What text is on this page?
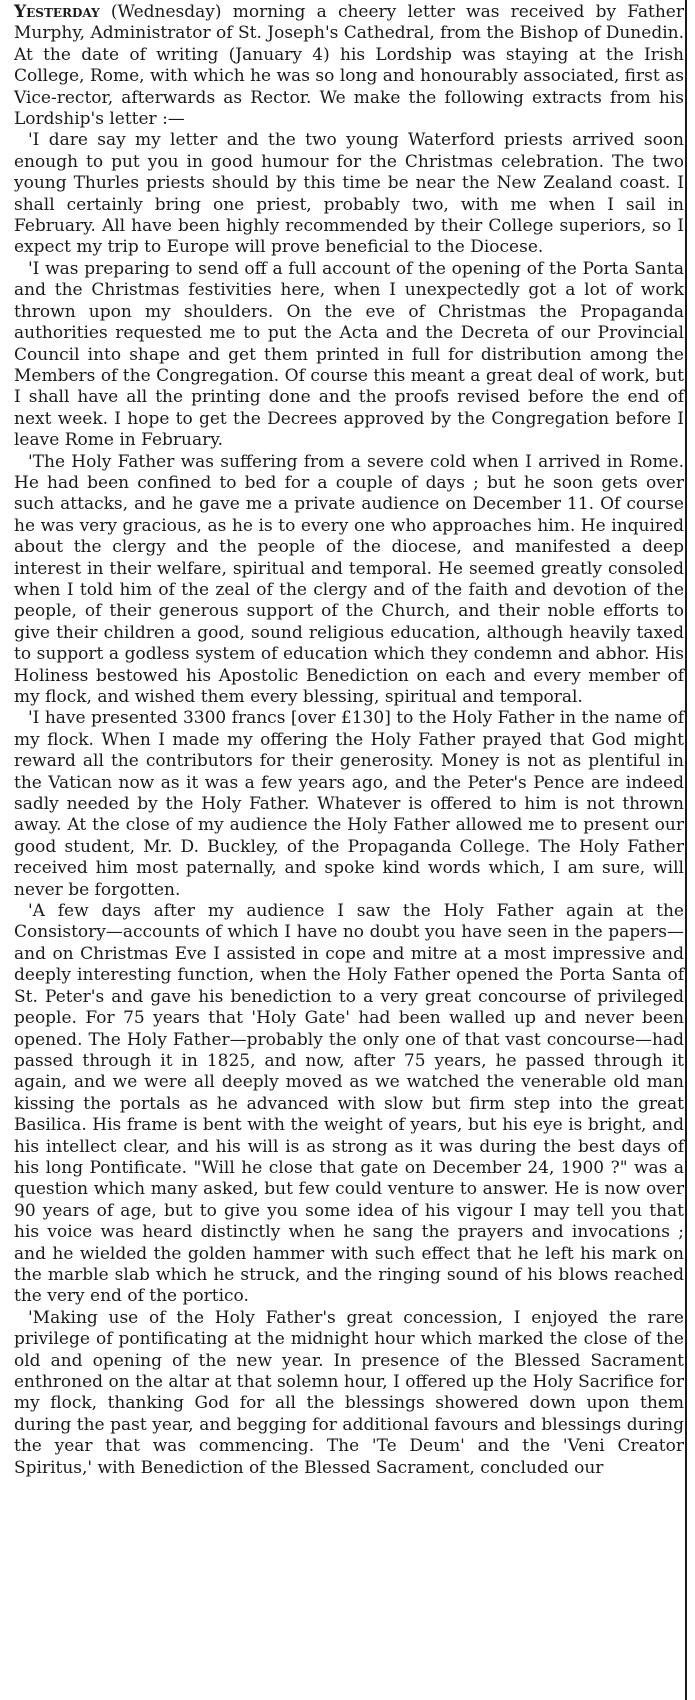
Yesterday (Wednesday) morning a cheery letter was received by Father Murphy, Administrator of St. Joseph's Cathedral, from the Bishop of Dunedin. At the date of writing (January 4) his Lordship was staying at the Irish College, Rome, with which he was so long and honourably associated, first as Vice-rector, afterwards as Rector. We make the following extracts from his Lordship's letter :—

'I dare say my letter and the two young Waterford priests arrived soon enough to put you in good humour for the Christmas celebration. The two young Thurles priests should by this time be near the New Zealand coast. I shall certainly bring one priest, probably two, with me when I sail in February. All have been highly recommended by their College superiors, so I expect my trip to Europe will prove beneficial to the Diocese.

'I was preparing to send off a full account of the opening of the Porta Santa and the Christmas festivities here, when I unexpectedly got a lot of work thrown upon my shoulders. On the eve of Christmas the Propaganda authorities requested me to put the Acta and the Decreta of our Provincial Council into shape and get them printed in full for distribution among the Members of the Congregation. Of course this meant a great deal of work, but I shall have all the printing done and the proofs revised before the end of next week. I hope to get the Decrees approved by the Congregation before I leave Rome in February.

'The Holy Father was suffering from a severe cold when I arrived in Rome. He had been confined to bed for a couple of days ; but he soon gets over such attacks, and he gave me a private audience on December 11. Of course he was very gracious, as he is to every one who approaches him. He inquired about the clergy and the people of the diocese, and manifested a deep interest in their welfare, spiritual and temporal. He seemed greatly consoled when I told him of the zeal of the clergy and of the faith and devotion of the people, of their generous support of the Church, and their noble efforts to give their children a good, sound religious education, although heavily taxed to support a godless system of education which they condemn and abhor. His Holiness bestowed his Apostolic Benediction on each and every member of my flock, and wished them every blessing, spiritual and temporal.

'I have presented 3300 francs [over £130] to the Holy Father in the name of my flock. When I made my offering the Holy Father prayed that God might reward all the contributors for their generosity. Money is not as plentiful in the Vatican now as it was a few years ago, and the Peter's Pence are indeed sadly needed by the Holy Father. Whatever is offered to him is not thrown away. At the close of my audience the Holy Father allowed me to present our good student, Mr. D. Buckley, of the Propaganda College. The Holy Father received him most paternally, and spoke kind words which, I am sure, will never be forgotten.

'A few days after my audience I saw the Holy Father again at the Consistory—accounts of which I have no doubt you have seen in the papers—and on Christmas Eve I assisted in cope and mitre at a most impressive and deeply interesting function, when the Holy Father opened the Porta Santa of St. Peter's and gave his benediction to a very great concourse of privileged people. For 75 years that 'Holy Gate' had been walled up and never been opened. The Holy Father—probably the only one of that vast concourse—had passed through it in 1825, and now, after 75 years, he passed through it again, and we were all deeply moved as we watched the venerable old man kissing the portals as he advanced with slow but firm step into the great Basilica. His frame is bent with the weight of years, but his eye is bright, and his intellect clear, and his will is as strong as it was during the best days of his long Pontificate. "Will he close that gate on December 24, 1900 ?" was a question which many asked, but few could venture to answer. He is now over 90 years of age, but to give you some idea of his vigour I may tell you that his voice was heard distinctly when he sang the prayers and invocations ; and he wielded the golden hammer with such effect that he left his mark on the marble slab which he struck, and the ringing sound of his blows reached the very end of the portico.

'Making use of the Holy Father's great concession, I enjoyed the rare privilege of pontificating at the midnight hour which marked the close of the old and opening of the new year. In presence of the Blessed Sacrament enthroned on the altar at that solemn hour, I offered up the Holy Sacrifice for my flock, thanking God for all the blessings showered down upon them during the past year, and begging for additional favours and blessings during the year that was commencing. The 'Te Deum' and the 'Veni Creator Spiritus,' with Benediction of the Blessed Sacrament, concluded our
